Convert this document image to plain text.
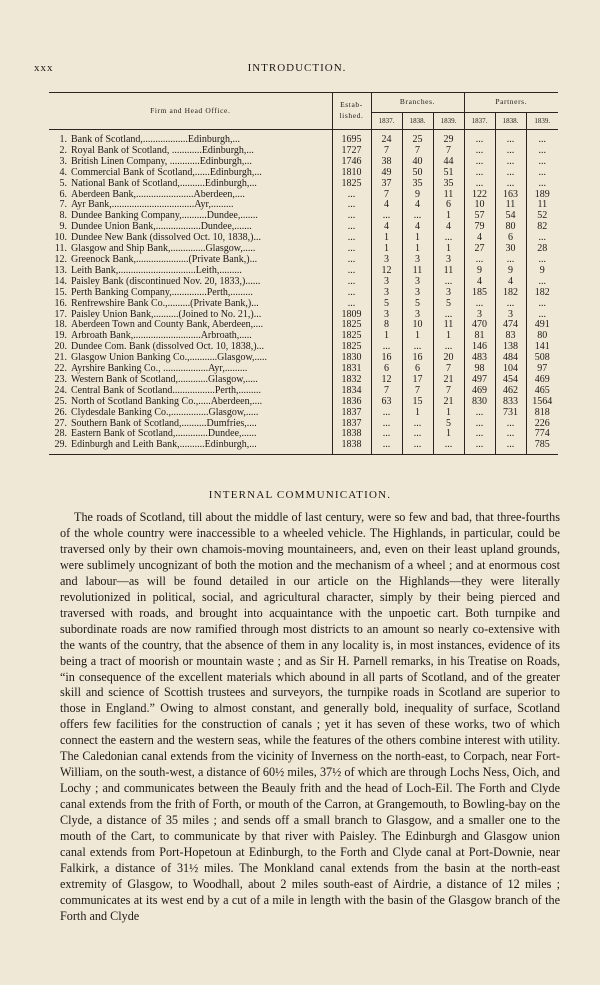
xxx	INTRODUCTION.
Firm and Head Office.	Estab- lished.	Branches.			Partners.		
		1837.	1838.	1839.	1837.	1838.	1839.
1. Bank of Scotland,..................Edinburgh,...	1695	24	25	29	...	...	...
2. Royal Bank of Scotland, ............Edinburgh,...	1727	7	7	7	...	...	...
3. British Linen Company, ............Edinburgh,...	1746	38	40	44	...	...	...
4. Commercial Bank of Scotland,......Edinburgh,...	1810	49	50	51	...	...	...
5. National Bank of Scotland,..........Edinburgh,...	1825	37	35	35	...	...	...
6. Aberdeen Bank,.......................Aberdeen,....	...	7	9	11	122	163	189
7. Ayr Bank,.................................Ayr,.........	...	4	4	6	10	11	11
8. Dundee Banking Company,..........Dundee,.......	...	...	...	1	57	54	52
9. Dundee Union Bank,..................Dundee,.......	...	4	4	4	79	80	82
10. Dundee New Bank (dissolved Oct. 10, 1838,)...	...	1	1	...	4	6	...
11. Glasgow and Ship Bank,..............Glasgow,.....	...	1	1	1	27	30	28
12. Greenock Bank,.....................(Private Bank,)...	...	3	3	3	...	...	...
13. Leith Bank,...............................Leith,.........	...	12	11	11	9	9	9
14. Paisley Bank (discontinued Nov. 20, 1833,)......	...	3	3	...	4	4	...
15. Perth Banking Company,..............Perth,.........	...	3	3	3	185	182	182
16. Renfrewshire Bank Co.,.........(Private Bank,)...	...	5	5	5	...	...	...
17. Paisley Union Bank,..........(Joined to No. 21,)...	1809	3	3	...	3	3	...
18. Aberdeen Town and County Bank, Aberdeen,....	1825	8	10	11	470	474	491
19. Arbroath Bank,...........................Arbroath,.....	1825	1	1	1	81	83	80
20. Dundee Com. Bank (dissolved Oct. 10, 1838,)...	1825	...	...	...	146	138	141
21. Glasgow Union Banking Co.,...........Glasgow,.....	1830	16	16	20	483	484	508
22. Ayrshire Banking Co., ..................Ayr,.........	1831	6	6	7	98	104	97
23. Western Bank of Scotland,............Glasgow,.....	1832	12	17	21	497	454	469
24. Central Bank of Scotland.................Perth,.........	1834	7	7	7	469	462	465
25. North of Scotland Banking Co.,.....Aberdeen,....	1836	63	15	21	830	833	1564
26. Clydesdale Banking Co.,...............Glasgow,.....	1837	...	1	1	...	731	818
27. Southern Bank of Scotland,..........Dumfries,....	1837	...	...	5	...	...	226
28. Eastern Bank of Scotland,.............Dundee,......	1838	...	...	1	...	...	774
29. Edinburgh and Leith Bank,..........Edinburgh,...	1838	...	...	...	...	...	785
INTERNAL COMMUNICATION.

The roads of Scotland, till about the middle of last century, were so few and bad, that three-fourths of the whole country were inaccessible to a wheeled vehicle. The Highlands, in particular, could be traversed only by their own chamois-moving mountaineers, and, even on their least upland grounds, were sublimely uncognizant of both the motion and the mechanism of a wheel ; and at enormous cost and labour—as will be found detailed in our article on the Highlands—they were literally revolutionized in political, social, and agricultural character, simply by their being pierced and traversed with roads, and brought into acquaintance with the unpoetic cart. Both turnpike and subordinate roads are now ramified through most districts to an amount so nearly co-extensive with the wants of the country, that the absence of them in any locality is, in most instances, evidence of its being a tract of moorish or mountain waste ; and as Sir H. Parnell remarks, in his Treatise on Roads, “in consequence of the excellent materials which abound in all parts of Scotland, and of the greater skill and science of Scottish trustees and surveyors, the turnpike roads in Scotland are superior to those in England.” Owing to almost constant, and generally bold, inequality of surface, Scotland offers few facilities for the construction of canals ; yet it has seven of these works, two of which connect the eastern and the western seas, while the features of the others combine interest with utility. The Caledonian canal extends from the vicinity of Inverness on the north-east, to Corpach, near Fort-William, on the south-west, a distance of 60½ miles, 37½ of which are through Lochs Ness, Oich, and Lochy ; and communicates between the Beauly frith and the head of Loch-Eil. The Forth and Clyde canal extends from the frith of Forth, or mouth of the Carron, at Grangemouth, to Bowling-bay on the Clyde, a distance of 35 miles ; and sends off a small branch to Glasgow, and a smaller one to the mouth of the Cart, to communicate by that river with Paisley. The Edinburgh and Glasgow union canal extends from Port-Hopetoun at Edinburgh, to the Forth and Clyde canal at Port-Downie, near Falkirk, a distance of 31½ miles. The Monkland canal extends from the basin at the north-east extremity of Glasgow, to Woodhall, about 2 miles south-east of Airdrie, a distance of 12 miles ; communicates at its west end by a cut of a mile in length with the basin of the Glasgow branch of the Forth and Clyde
